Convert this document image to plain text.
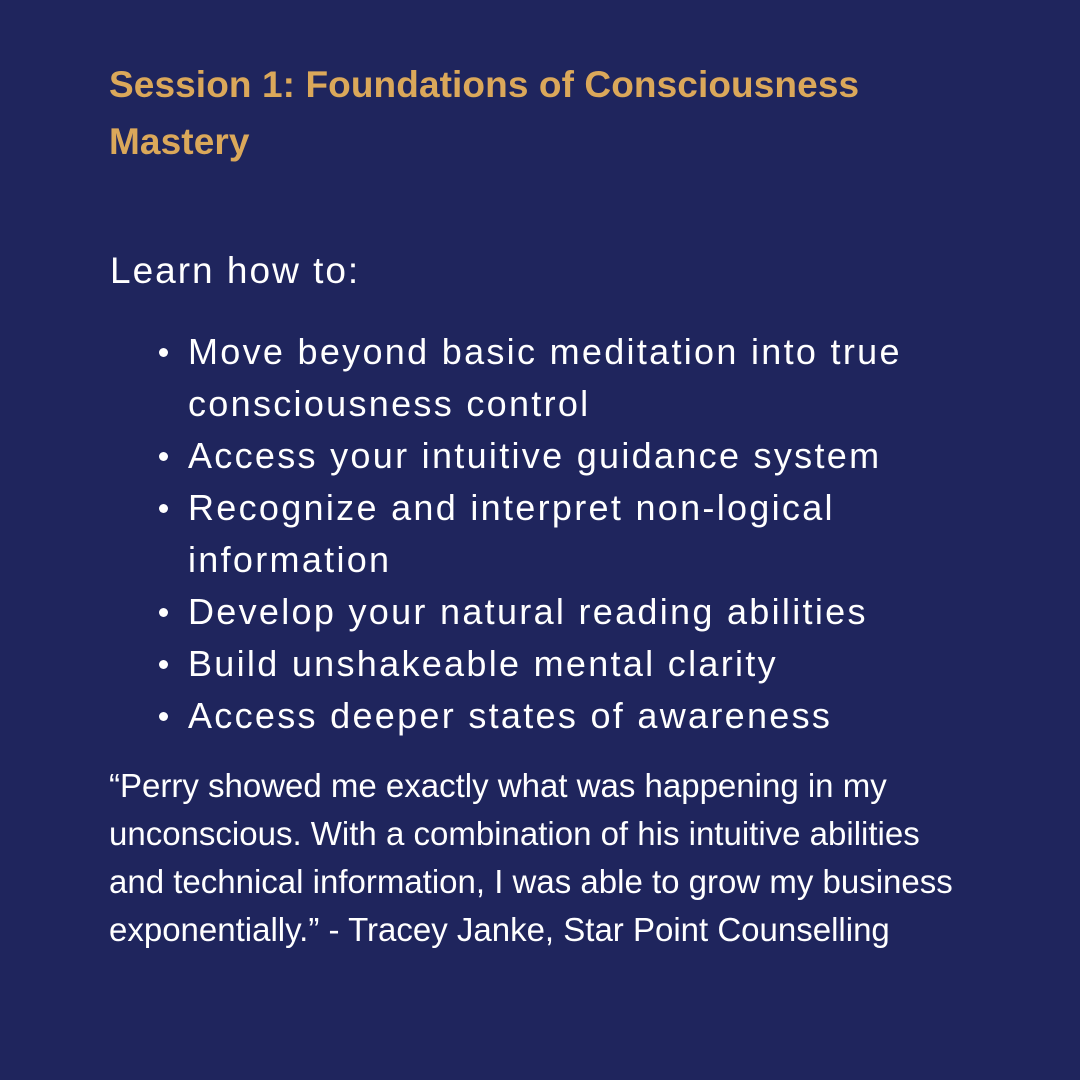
Session 1: Foundations of Consciousness Mastery

Learn how to:

Move beyond basic meditation into true consciousness control
Access your intuitive guidance system
Recognize and interpret non-logical information
Develop your natural reading abilities
Build unshakeable mental clarity
Access deeper states of awareness

“Perry showed me exactly what was happening in my unconscious. With a combination of his intuitive abilities and technical information, I was able to grow my business exponentially.” - Tracey Janke, Star Point Counselling
